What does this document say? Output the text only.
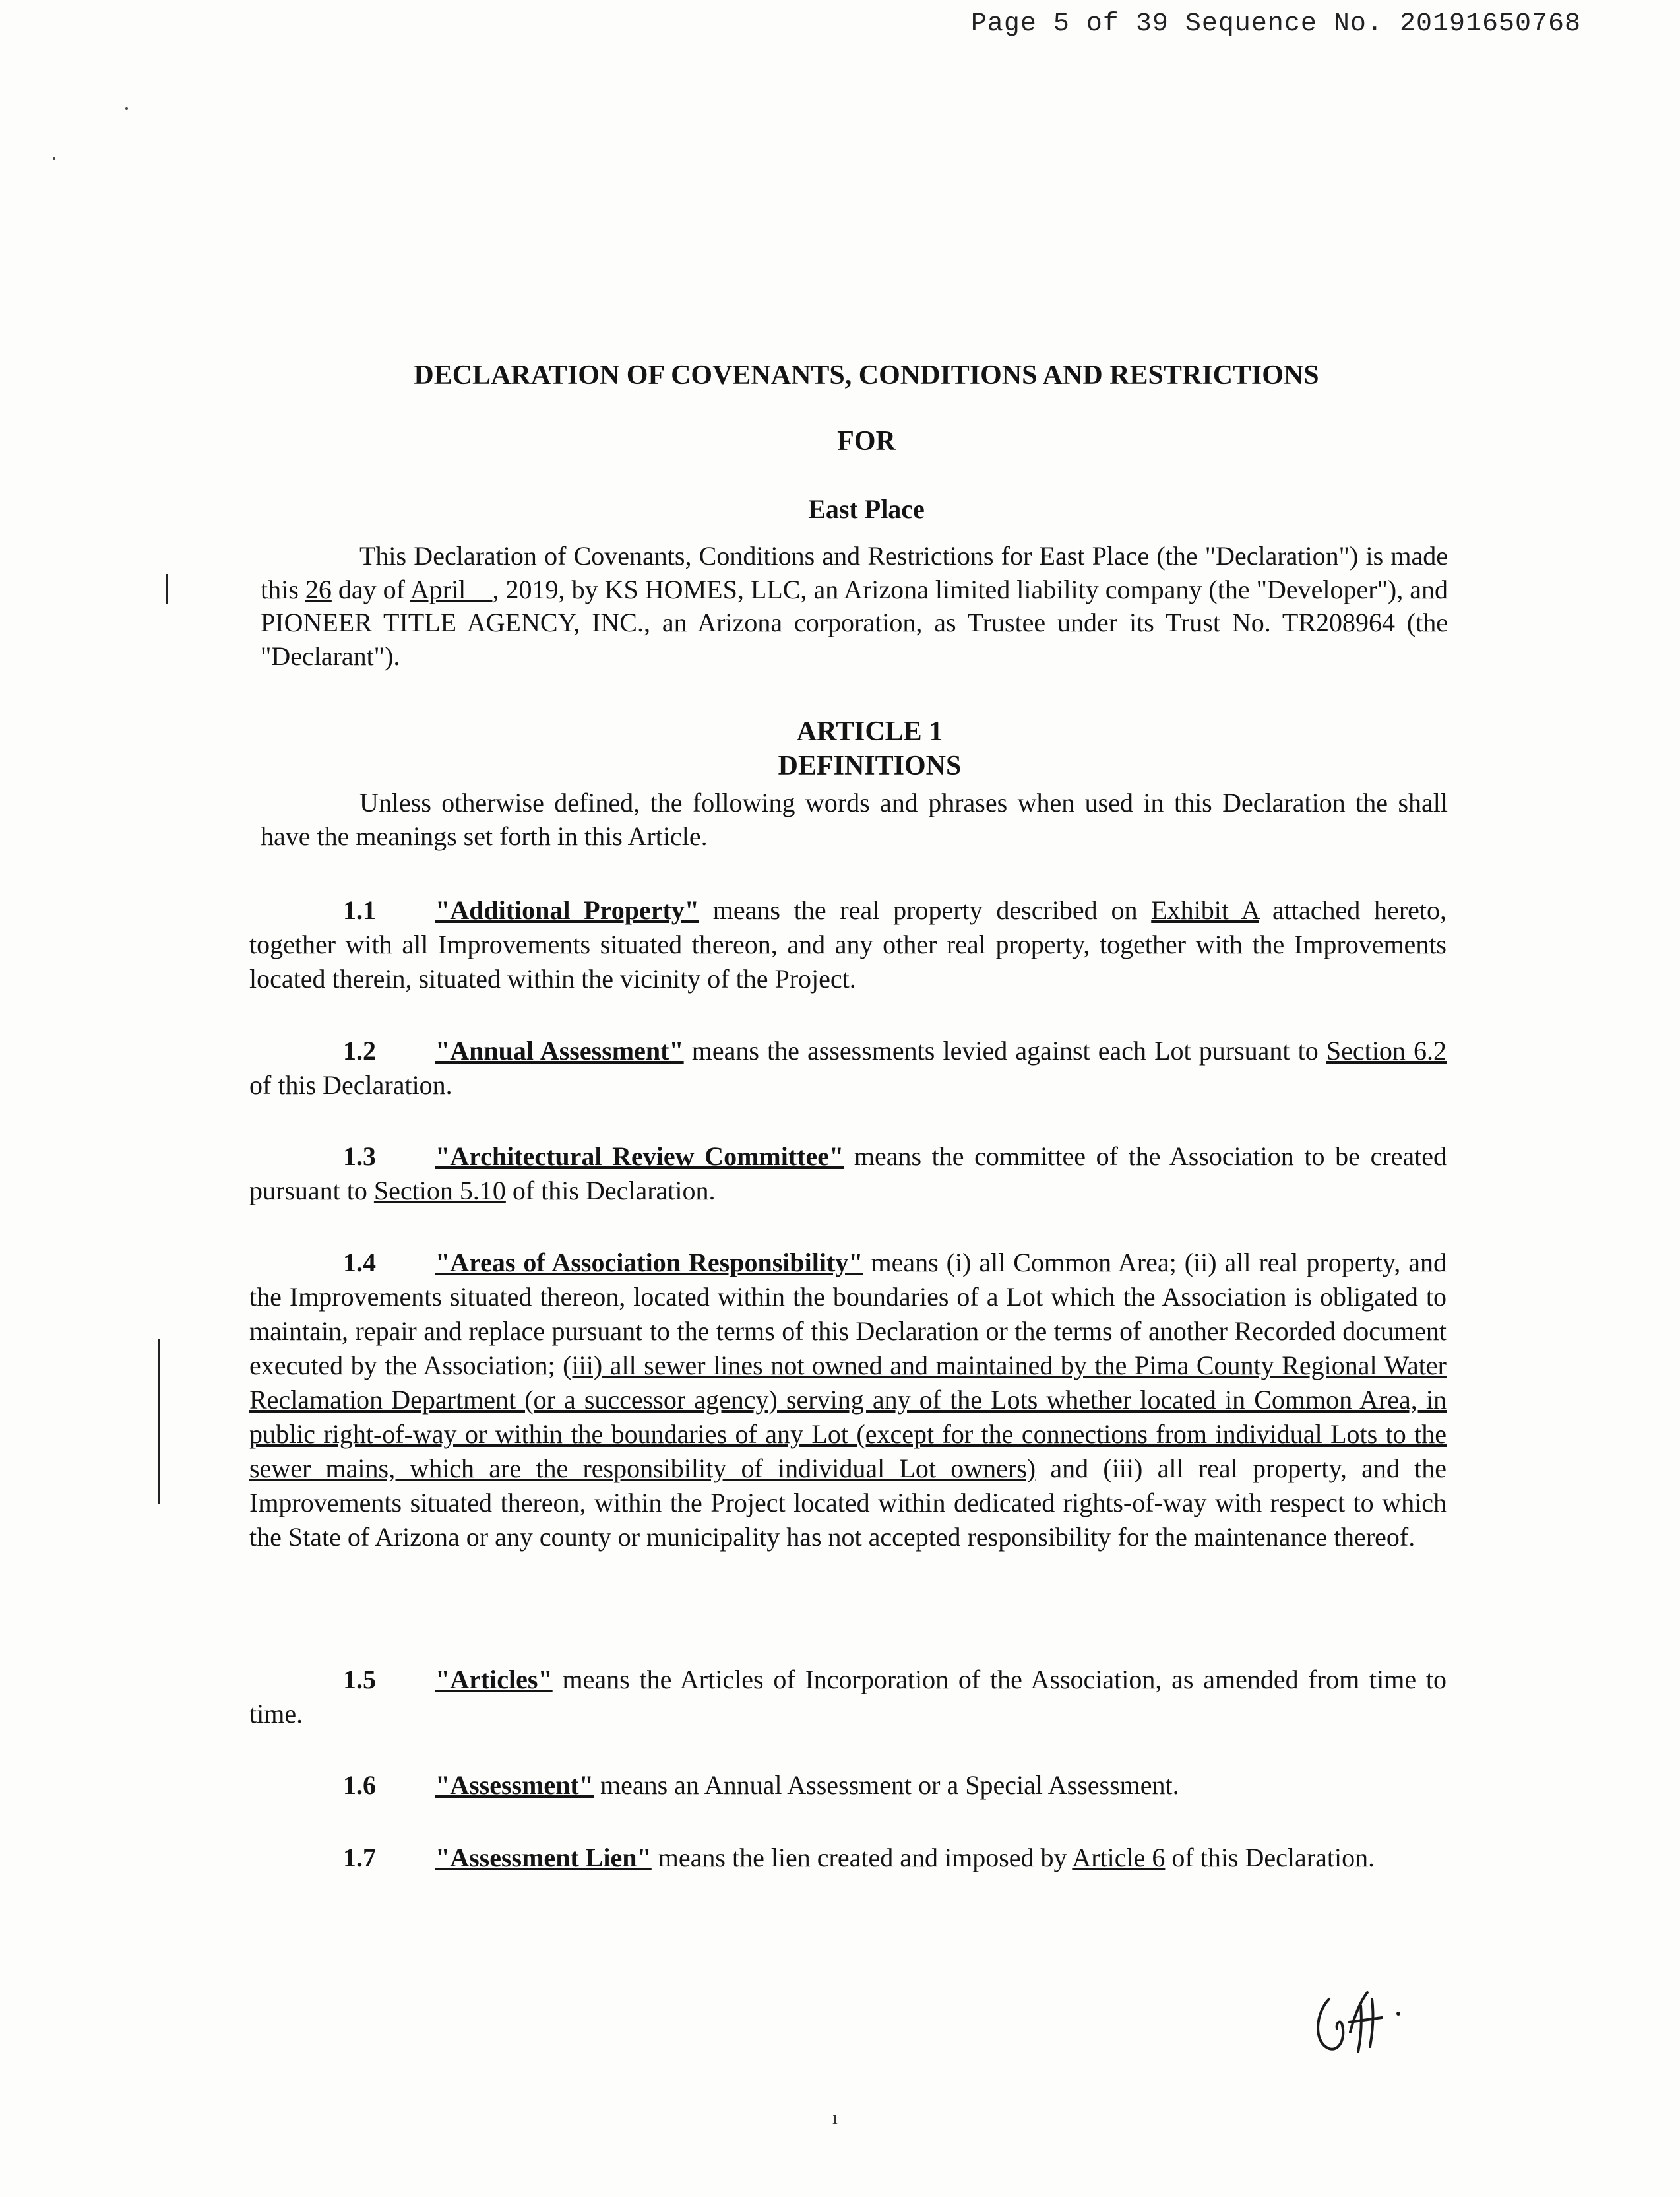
Page 5 of 39 Sequence No. 20191650768
DECLARATION OF COVENANTS, CONDITIONS AND RESTRICTIONS
FOR
East Place
This Declaration of Covenants, Conditions and Restrictions for East Place (the "Declaration") is made this 26 day of April , 2019, by KS HOMES, LLC, an Arizona limited liability company (the "Developer"), and PIONEER TITLE AGENCY, INC., an Arizona corporation, as Trustee under its Trust No. TR208964 (the "Declarant").
ARTICLE 1
DEFINITIONS
Unless otherwise defined, the following words and phrases when used in this Declaration the shall have the meanings set forth in this Article.
1.1 "Additional Property" means the real property described on Exhibit A attached hereto, together with all Improvements situated thereon, and any other real property, together with the Improvements located therein, situated within the vicinity of the Project.
1.2 "Annual Assessment" means the assessments levied against each Lot pursuant to Section 6.2 of this Declaration.
1.3 "Architectural Review Committee" means the committee of the Association to be created pursuant to Section 5.10 of this Declaration.
1.4 "Areas of Association Responsibility" means (i) all Common Area; (ii) all real property, and the Improvements situated thereon, located within the boundaries of a Lot which the Association is obligated to maintain, repair and replace pursuant to the terms of this Declaration or the terms of another Recorded document executed by the Association; (iii) all sewer lines not owned and maintained by the Pima County Regional Water Reclamation Department (or a successor agency) serving any of the Lots whether located in Common Area, in public right-of-way or within the boundaries of any Lot (except for the connections from individual Lots to the sewer mains, which are the responsibility of individual Lot owners) and (iii) all real property, and the Improvements situated thereon, within the Project located within dedicated rights-of-way with respect to which the State of Arizona or any county or municipality has not accepted responsibility for the maintenance thereof.
1.5 "Articles" means the Articles of Incorporation of the Association, as amended from time to time.
1.6 "Assessment" means an Annual Assessment or a Special Assessment.
1.7 "Assessment Lien" means the lien created and imposed by Article 6 of this Declaration.
ı
